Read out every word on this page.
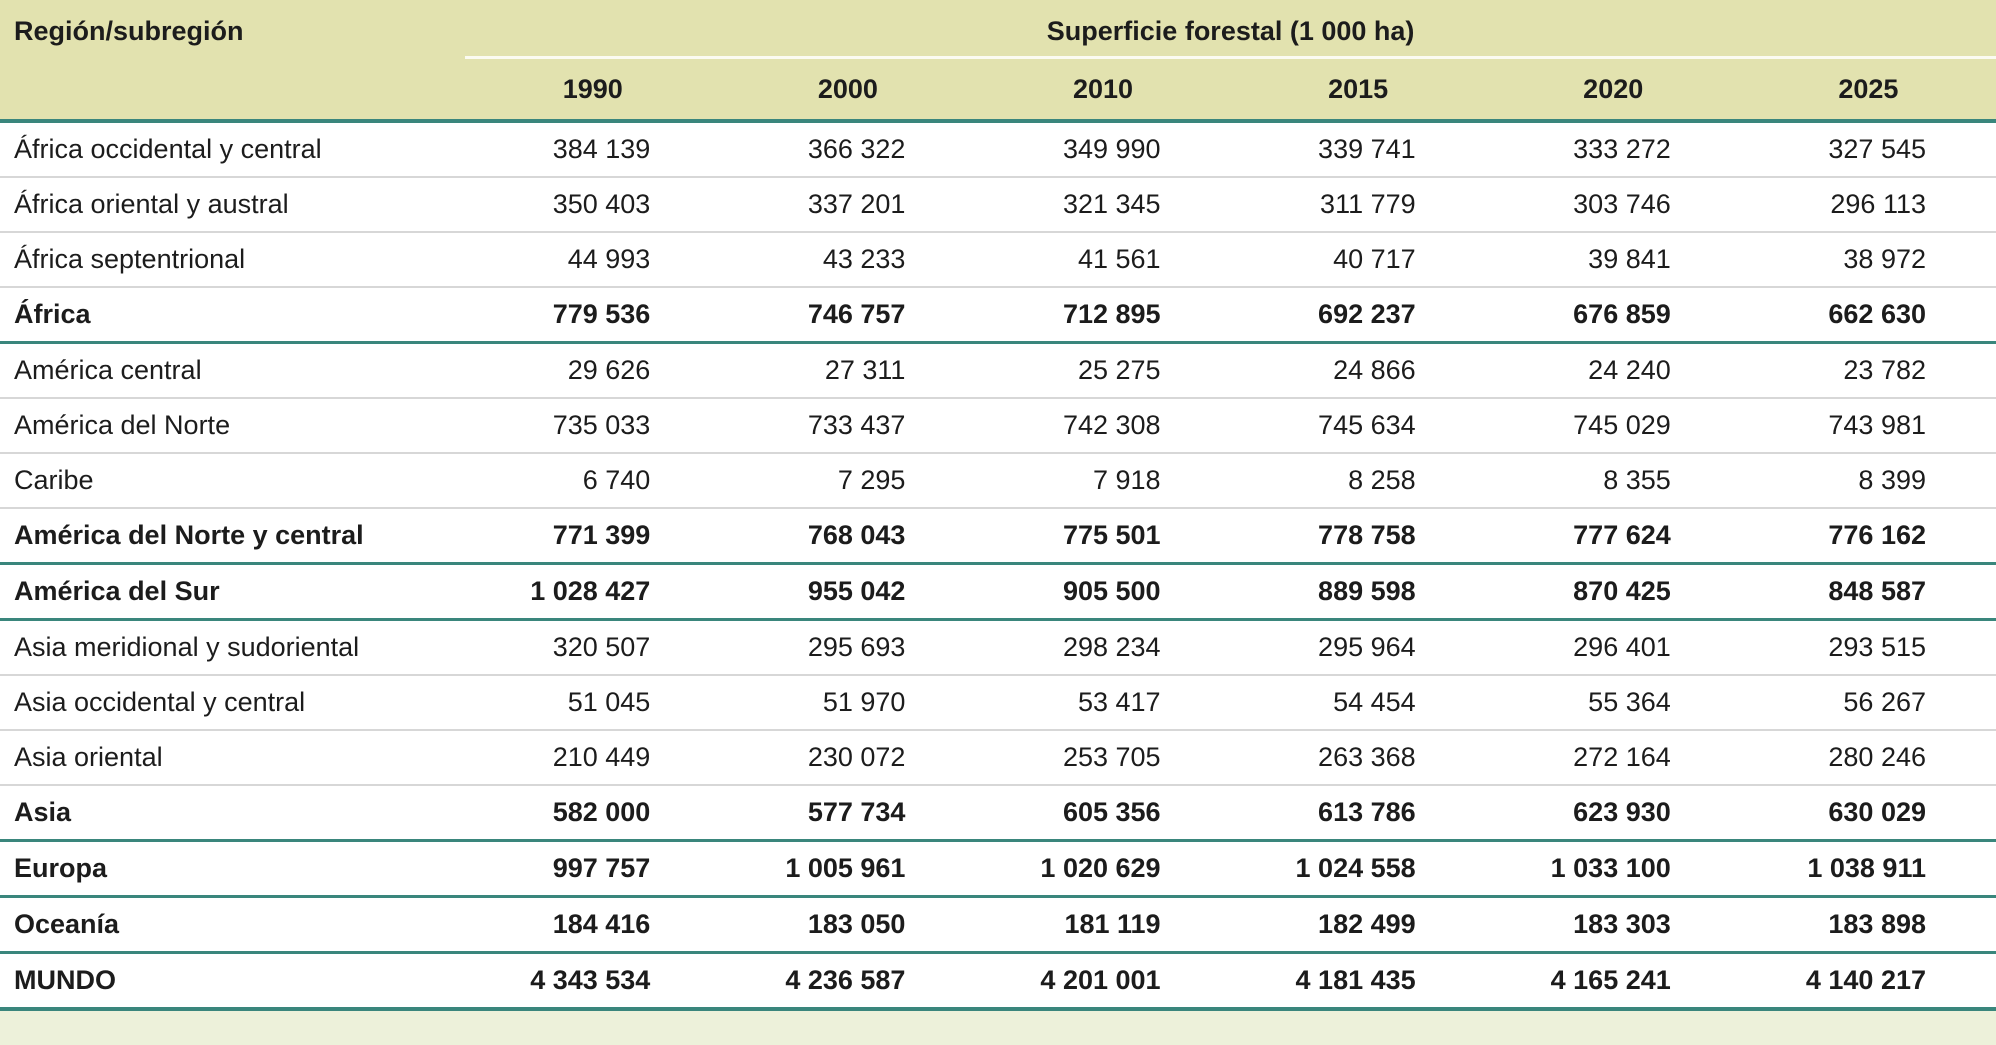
Región/subregión	Superficie forestal (1 000 ha)					
	1990	2000	2010	2015	2020	2025
África occidental y central	384 139	366 322	349 990	339 741	333 272	327 545
África oriental y austral	350 403	337 201	321 345	311 779	303 746	296 113
África septentrional	44 993	43 233	41 561	40 717	39 841	38 972
África	779 536	746 757	712 895	692 237	676 859	662 630
América central	29 626	27 311	25 275	24 866	24 240	23 782
América del Norte	735 033	733 437	742 308	745 634	745 029	743 981
Caribe	6 740	7 295	7 918	8 258	8 355	8 399
América del Norte y central	771 399	768 043	775 501	778 758	777 624	776 162
América del Sur	1 028 427	955 042	905 500	889 598	870 425	848 587
Asia meridional y sudoriental	320 507	295 693	298 234	295 964	296 401	293 515
Asia occidental y central	51 045	51 970	53 417	54 454	55 364	56 267
Asia oriental	210 449	230 072	253 705	263 368	272 164	280 246
Asia	582 000	577 734	605 356	613 786	623 930	630 029
Europa	997 757	1 005 961	1 020 629	1 024 558	1 033 100	1 038 911
Oceanía	184 416	183 050	181 119	182 499	183 303	183 898
MUNDO	4 343 534	4 236 587	4 201 001	4 181 435	4 165 241	4 140 217
